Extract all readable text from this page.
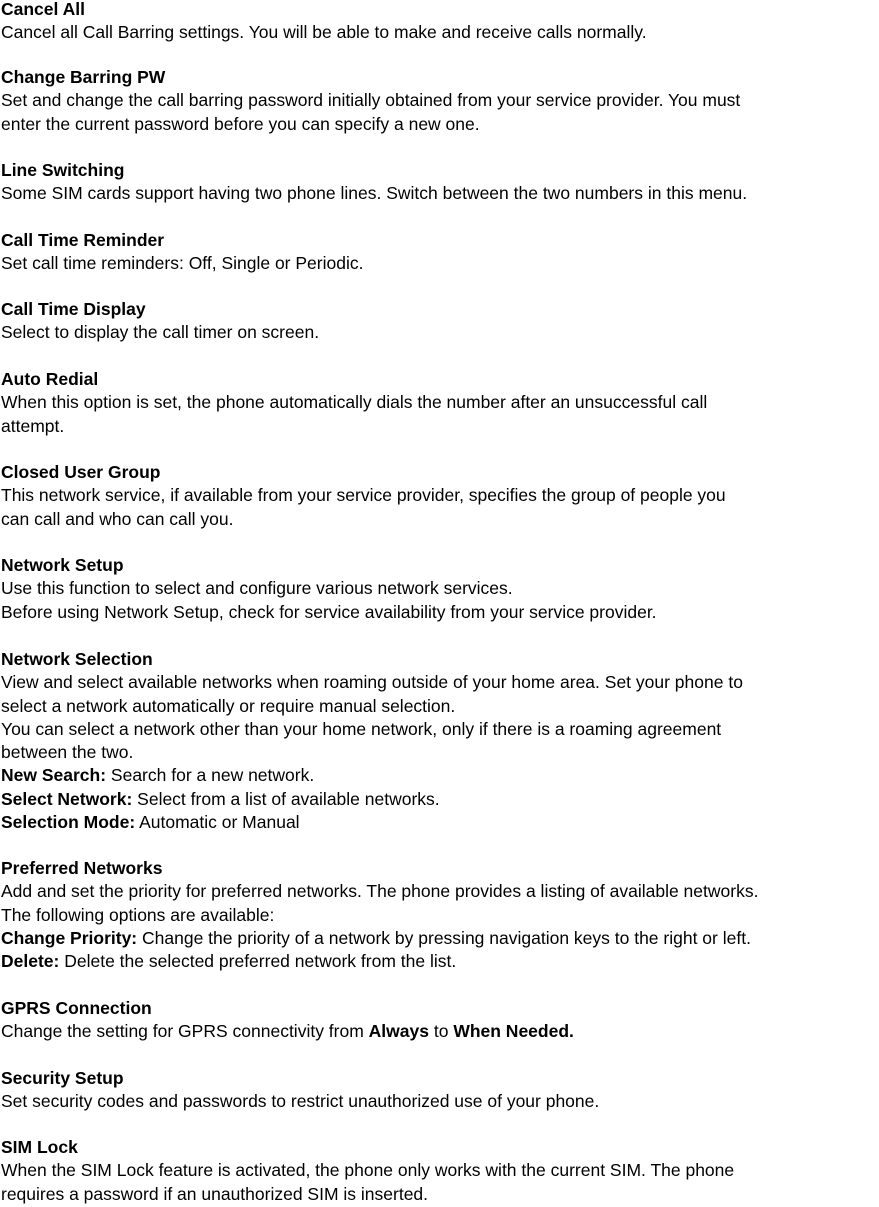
Cancel All

Cancel all Call Barring settings. You will be able to make and receive calls normally.

Change Barring PW

Set and change the call barring password initially obtained from your service provider. You must

enter the current password before you can specify a new one.

Line Switching

Some SIM cards support having two phone lines. Switch between the two numbers in this menu.

Call Time Reminder

Set call time reminders: Off, Single or Periodic.

Call Time Display

Select to display the call timer on screen.

Auto Redial

When this option is set, the phone automatically dials the number after an unsuccessful call

attempt.

Closed User Group

This network service, if available from your service provider, specifies the group of people you

can call and who can call you.

Network Setup

Use this function to select and configure various network services.

Before using Network Setup, check for service availability from your service provider.

Network Selection

View and select available networks when roaming outside of your home area. Set your phone to

select a network automatically or require manual selection.

You can select a network other than your home network, only if there is a roaming agreement

between the two.

New Search: Search for a new network.

Select Network: Select from a list of available networks.

Selection Mode: Automatic or Manual

Preferred Networks

Add and set the priority for preferred networks. The phone provides a listing of available networks.

The following options are available:

Change Priority: Change the priority of a network by pressing navigation keys to the right or left.

Delete: Delete the selected preferred network from the list.

GPRS Connection

Change the setting for GPRS connectivity from Always to When Needed.

Security Setup

Set security codes and passwords to restrict unauthorized use of your phone.

SIM Lock

When the SIM Lock feature is activated, the phone only works with the current SIM. The phone

requires a password if an unauthorized SIM is inserted.
